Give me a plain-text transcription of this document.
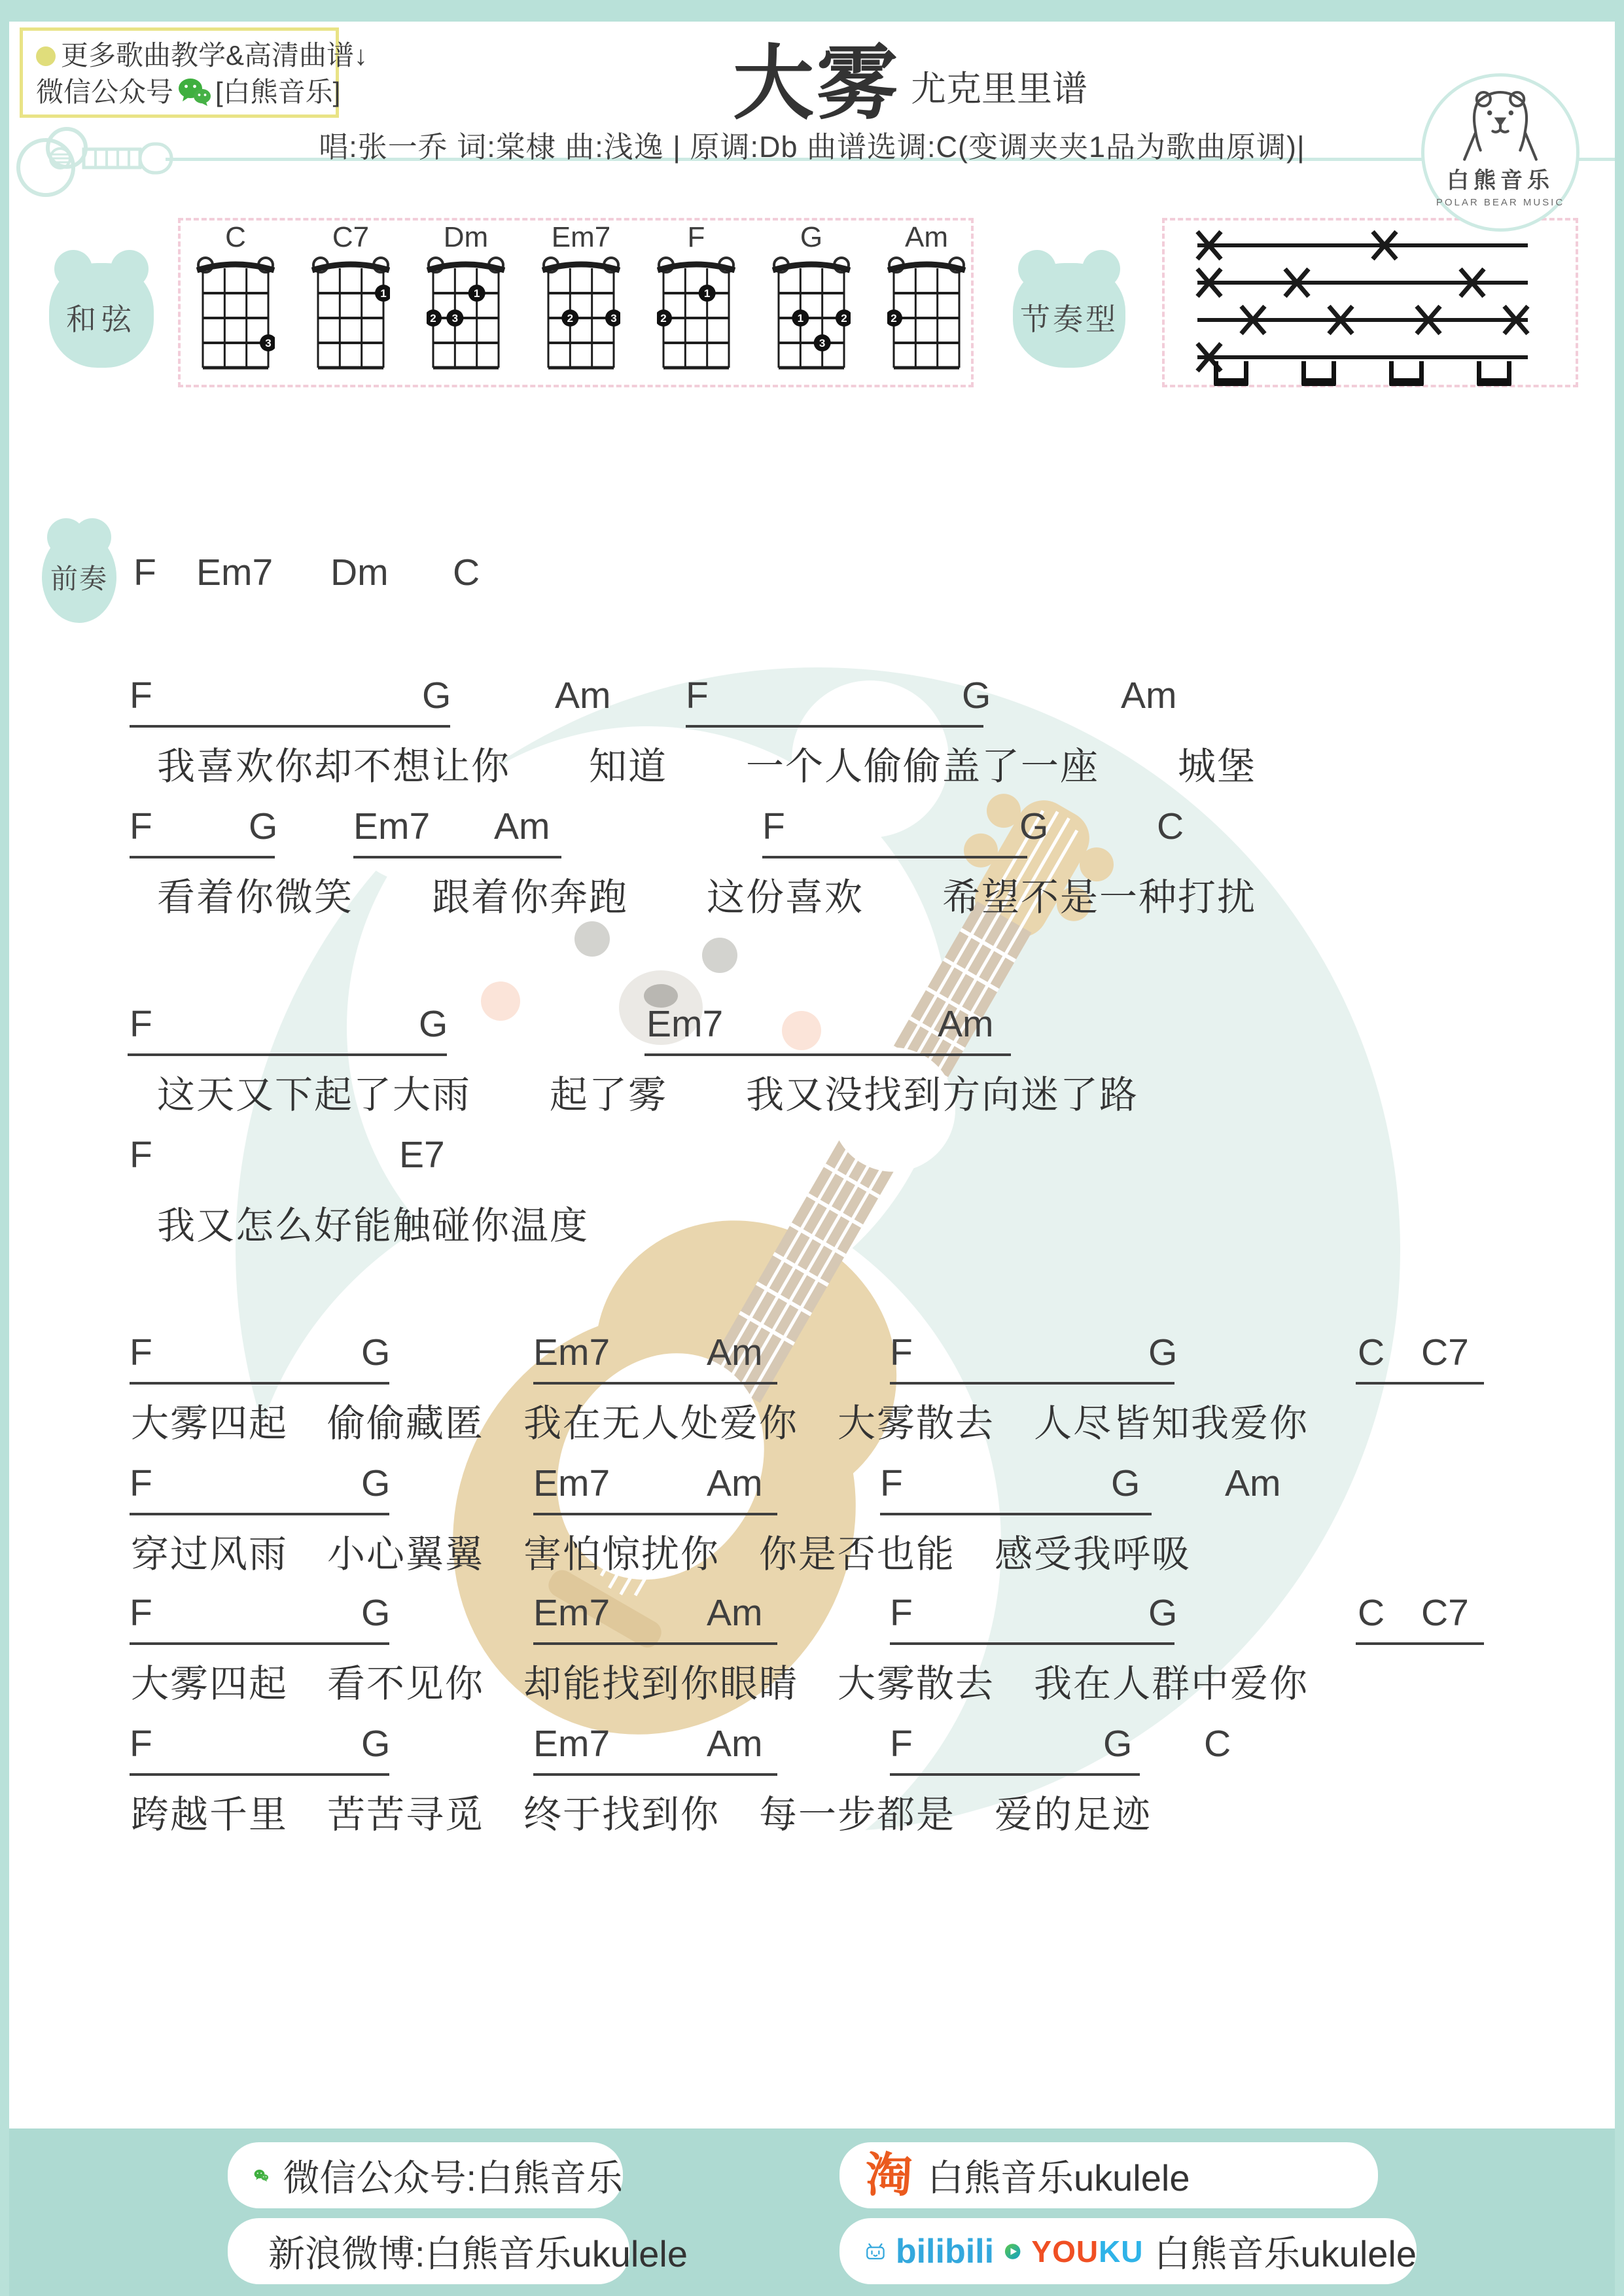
更多歌曲教学&高清曲谱↓
微信公众号 [白熊音乐]	大雾 尤克里里谱
唱:张一乔 词:棠棣 曲:浅逸 | 原调:Db 曲谱选调:C(变调夹夹1品为歌曲原调)|
白熊音乐
POLAR BEAR MUSIC
和弦
C
3
C7
1
Dm
1
2 3
Em7
2	3
F
1
2
G
1	2
3
Am
2	节奏型
前奏 F Em7 Dm C
F	G	Am F	G	Am
我喜欢你却不想让你　　知道　　一个人偷偷盖了一座　　城堡
F	G Em7 Am	F	G	C
看着你微笑　　跟着你奔跑　　这份喜欢　　希望不是一种打扰
F	G	Em7	Am
这天又下起了大雨　　起了雾　　我又没找到方向迷了路
F	E7
我又怎么好能触碰你温度
F	G	Em7	Am	F	G	C C7
大雾四起　偷偷藏匿　我在无人处爱你　大雾散去　人尽皆知我爱你
F	G	Em7	Am	F	G Am
穿过风雨　小心翼翼　害怕惊扰你　你是否也能　感受我呼吸
F	G	Em7	Am	F	G	C C7
大雾四起　看不见你　却能找到你眼睛　大雾散去　我在人群中爱你
F	G	Em7	Am	F	G C
跨越千里　苦苦寻觅　终于找到你　每一步都是　爱的足迹
微信公众号:白熊音乐	淘 白熊音乐ukulele
新浪微博:白熊音乐ukulele	bilibili YOUKU 白熊音乐ukulele
